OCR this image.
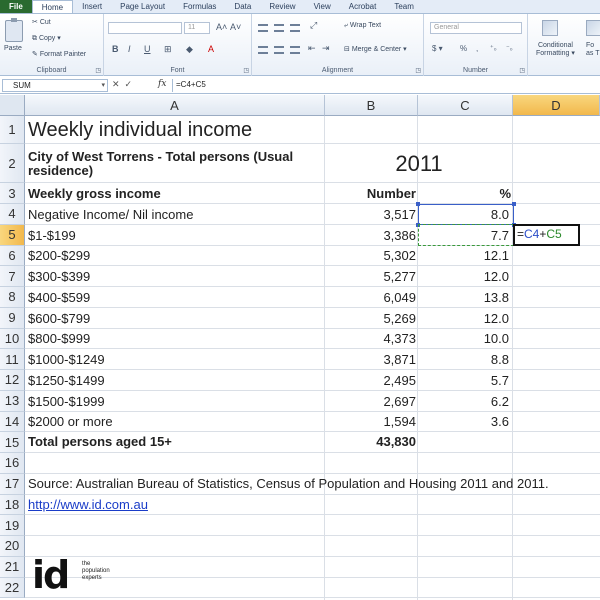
File	Home	Insert	Page Layout	Formulas	Data	Review	View	Acrobat	Team
Paste
✂ Cut
⧉ Copy ▾
✎ Format Painter
Clipboard	◳
11	A˄ A˅
B I U ⊞ ◆ A
Font	◳
⤢	⤶ Wrap Text
⇤ ⇥ ⊟ Merge & Center ▾
Alignment	◳
General
$ ▾ % , ⁺₀ ⁻₀
Number	◳
Conditional
Formatting ▾
Fo
as T
SUM	▾ ✕✓ fx	=C4+C5
A	B	C	D
1
2
3
4
5
6
7
8
9
10
11
12
13
14
15
16
17
18
19
20
21
22
Weekly individual income
City of West Torrens - Total persons (Usual residence)	2011
Weekly gross income	Number	%
Negative Income/ Nil income	3,517	8.0
$1-$199	3,386	7.7
$200-$299	5,302	12.1
$300-$399	5,277	12.0
$400-$599	6,049	13.8
$600-$799	5,269	12.0
$800-$999	4,373	10.0
$1000-$1249	3,871	8.8
$1250-$1499	2,495	5.7
$1500-$1999	2,697	6.2
$2000 or more	1,594	3.6
Total persons aged 15+	43,830
Source: Australian Bureau of Statistics, Census of Population and Housing 2011 and 2011.
http://www.id.com.au
=C4+C5
id the
population
experts
